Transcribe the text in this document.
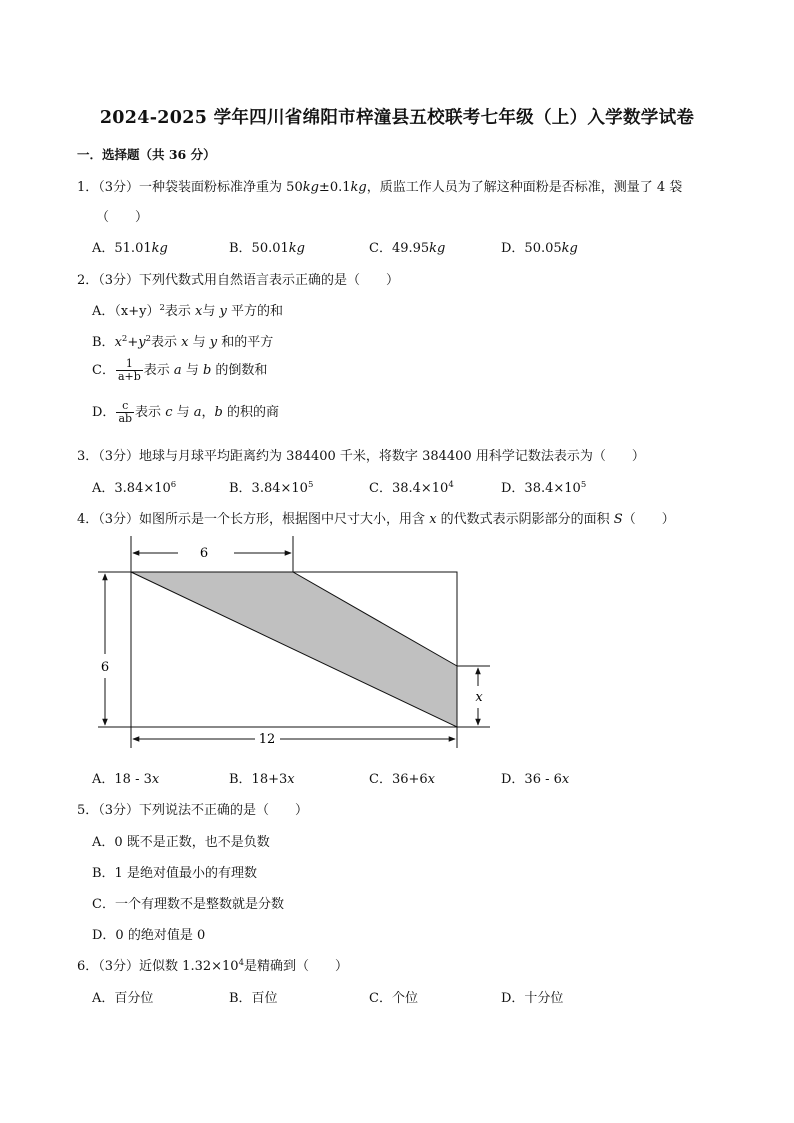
2024-2025 学年四川省绵阳市梓潼县五校联考七年级（上）入学数学试卷
一．选择题（共 36 分）
1．（3分）一种袋装面粉标准净重为 50kg±0.1kg，质监工作人员为了解这种面粉是否标准，测量了 4 袋
（　　）
A．51.01kg	B．50.01kg	C．49.95kg	D．50.05kg
2．（3分）下列代数式用自然语言表示正确的是（　　）
A．$(x+y)^2$表示 x与 y 平方的和
B．$x^2+y^2$表示 x 与 y 和的平方
C． $\frac{1}{a+b}$ 表示 a 与 b 的倒数和
D． $\frac{c}{ab}$ 表示 c 与 a，b 的积的商
3．（3分）地球与月球平均距离约为 384400 千米，将数字 384400 用科学记数法表示为（　　）
A．$3.84\times 10^6$	B．$3.84\times 10^5$	C．$38.4\times 10^4$	D．$38.4\times 10^5$
4．（3分）如图所示是一个长方形，根据图中尺寸大小，用含 x 的代数式表示阴影部分的面积 S（　　）
6
6
12
x
A．18 - 3x	B．18+3x	C．36+6x	D．36 - 6x
5．（3分）下列说法不正确的是（　　）
A．0 既不是正数，也不是负数
B．1 是绝对值最小的有理数
C．一个有理数不是整数就是分数
D．0 的绝对值是 0
6．（3分）近似数 $1.32\times 10^4$是精确到（　　）
A．百分位	B．百位	C．个位	D．十分位
